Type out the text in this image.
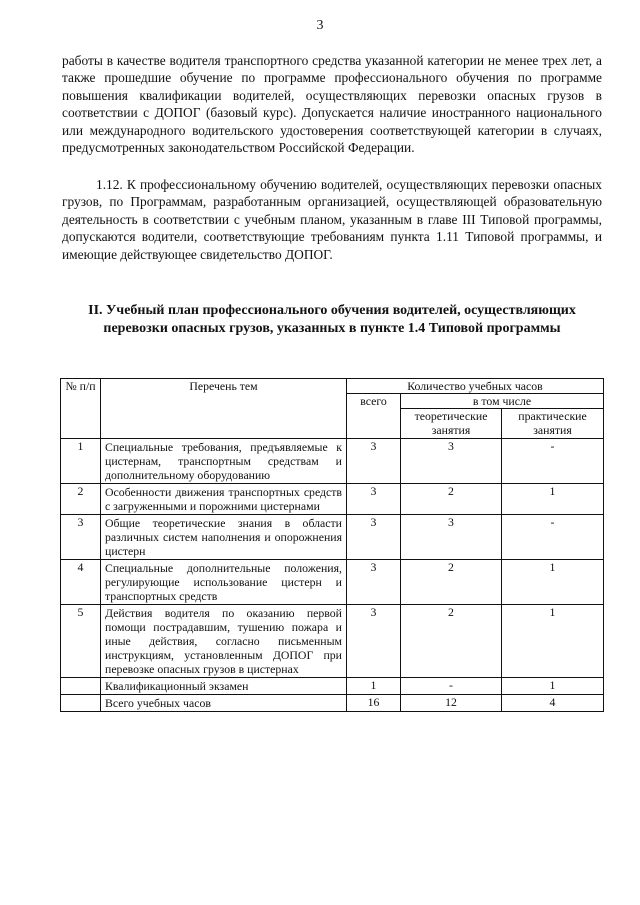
3

работы в качестве водителя транспортного средства указанной категории не менее трех лет, а также прошедшие обучение по программе профессионального обучения по программе повышения квалификации водителей, осуществляющих перевозки опасных грузов в соответствии с ДОПОГ (базовый курс). Допускается наличие иностранного национального или международного водительского удостоверения соответствующей категории в случаях, предусмотренных законодательством Российской Федерации.

1.12. К профессиональному обучению водителей, осуществляющих перевозки опасных грузов, по Программам, разработанным организацией, осуществляющей образовательную деятельность в соответствии с учебным планом, указанным в главе III Типовой программы, допускаются водители, соответствующие требованиям пункта 1.11 Типовой программы, и имеющие действующее свидетельство ДОПОГ.

II. Учебный план профессионального обучения водителей, осуществляющих перевозки опасных грузов, указанных в пункте 1.4 Типовой программы

№ п/п	Перечень тем	Количество учебных часов		
		всего	в том числе	
			теоретические занятия	практические занятия
1	Специальные требования, предъявляемые к цистернам, транспортным средствам и дополнительному оборудованию	3	3	-
2	Особенности движения транспортных средств с загруженными и порожними цистернами	3	2	1
3	Общие теоретические знания в области различных систем наполнения и опорожнения цистерн	3	3	-
4	Специальные дополнительные положения, регулирующие использование цистерн и транспортных средств	3	2	1
5	Действия водителя по оказанию первой помощи пострадавшим, тушению пожара и иные действия, согласно письменным инструкциям, установленным ДОПОГ при перевозке опасных грузов в цистернах	3	2	1
	Квалификационный экзамен	1	-	1
	Всего учебных часов	16	12	4
